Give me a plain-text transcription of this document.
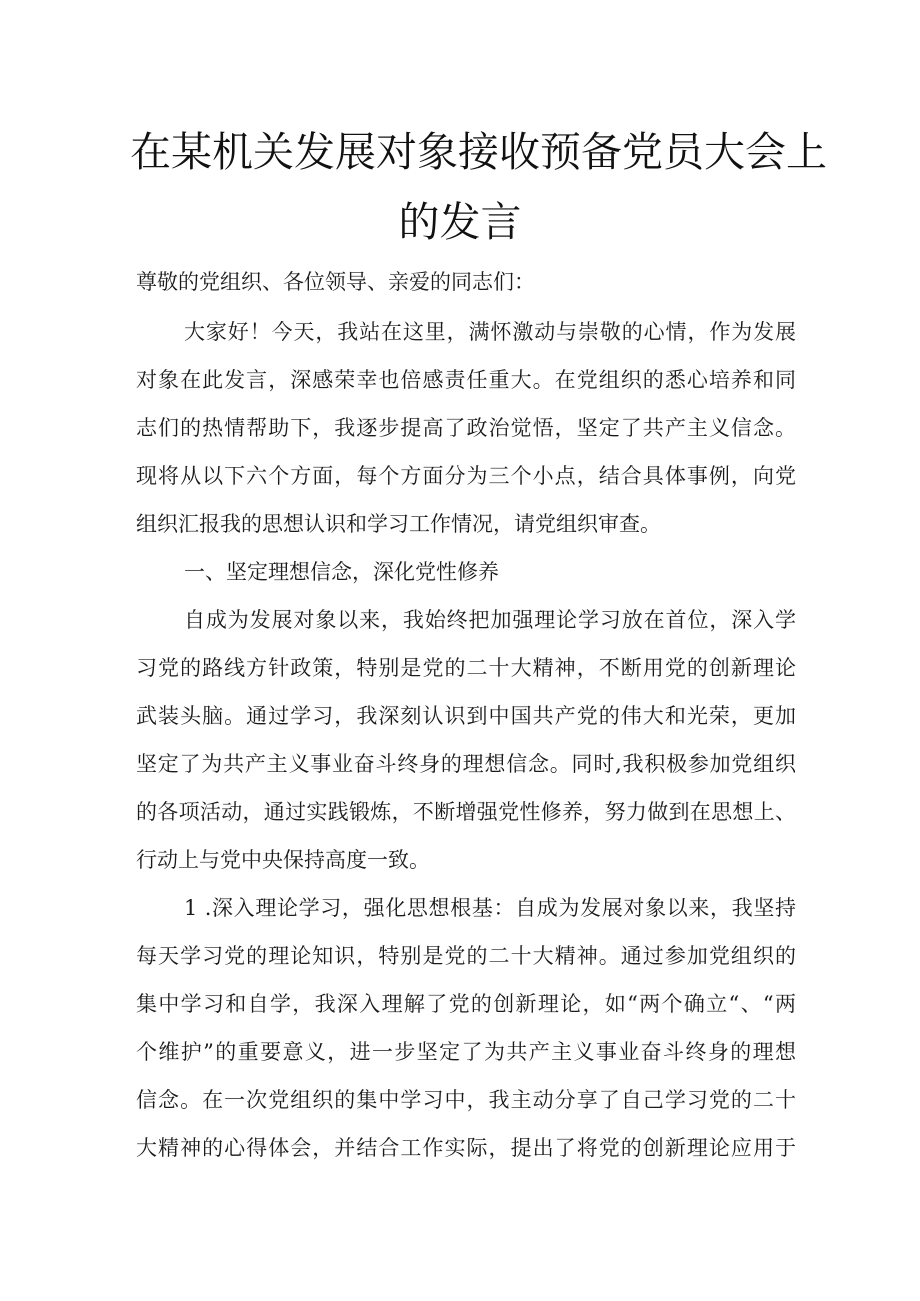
在某机关发展对象接收预备党员大会上
的发言
尊敬的党组织、各位领导、亲爱的同志们：
大家好！今天，我站在这里，满怀激动与崇敬的心情，作为发展
对象在此发言，深感荣幸也倍感责任重大。在党组织的悉心培养和同
志们的热情帮助下，我逐步提高了政治觉悟，坚定了共产主义信念。
现将从以下六个方面，每个方面分为三个小点，结合具体事例，向党
组织汇报我的思想认识和学习工作情况，请党组织审查。
一、坚定理想信念，深化党性修养
自成为发展对象以来，我始终把加强理论学习放在首位，深入学
习党的路线方针政策，特别是党的二十大精神，不断用党的创新理论
武装头脑。通过学习，我深刻认识到中国共产党的伟大和光荣，更加
坚定了为共产主义事业奋斗终身的理想信念。同时,我积极参加党组织
的各项活动，通过实践锻炼，不断增强党性修养，努力做到在思想上、
行动上与党中央保持高度一致。
1 .深入理论学习，强化思想根基：自成为发展对象以来，我坚持
每天学习党的理论知识，特别是党的二十大精神。通过参加党组织的
集中学习和自学，我深入理解了党的创新理论，如“两个确立“、“两
个维护”的重要意义，进一步坚定了为共产主义事业奋斗终身的理想
信念。在一次党组织的集中学习中，我主动分享了自己学习党的二十
大精神的心得体会，并结合工作实际，提出了将党的创新理论应用于
